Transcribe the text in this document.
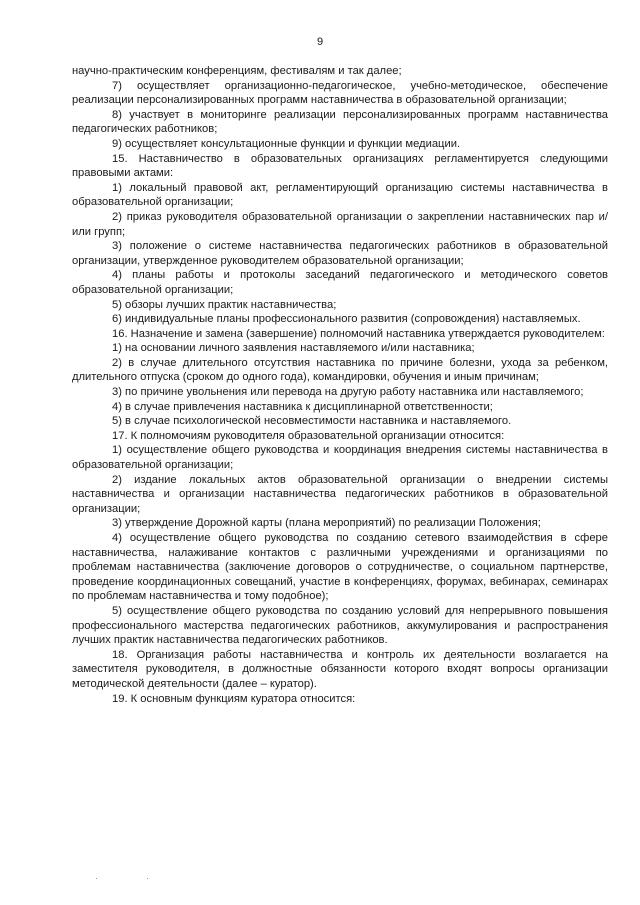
9

научно-практическим конференциям, фестивалям и так далее;

7) осуществляет организационно-педагогическое, учебно-методическое, обеспечение реализации персонализированных программ наставничества в образовательной организации;

8) участвует в мониторинге реализации персонализированных программ наставничества педагогических работников;

9) осуществляет консультационные функции и функции медиации.

15. Наставничество в образовательных организациях регламентируется следующими правовыми актами:

1) локальный правовой акт, регламентирующий организацию системы наставничества в образовательной организации;

2) приказ руководителя образовательной организации о закреплении наставнических пар и/или групп;

3) положение о системе наставничества педагогических работников в образовательной организации, утвержденное руководителем образовательной организации;

4) планы работы и протоколы заседаний педагогического и методического советов образовательной организации;

5) обзоры лучших практик наставничества;

6) индивидуальные планы профессионального развития (сопровождения) наставляемых.

16. Назначение и замена (завершение) полномочий наставника утверждается руководителем:

1) на основании личного заявления наставляемого и/или наставника;

2) в случае длительного отсутствия наставника по причине болезни, ухода за ребенком, длительного отпуска (сроком до одного года), командировки, обучения и иным причинам;

3) по причине увольнения или перевода на другую работу наставника или наставляемого;

4) в случае привлечения наставника к дисциплинарной ответственности;

5) в случае психологической несовместимости наставника и наставляемого.

17. К полномочиям руководителя образовательной организации относится:

1) осуществление общего руководства и координация внедрения системы наставничества в образовательной организации;

2) издание локальных актов образовательной организации о внедрении системы наставничества и организации наставничества педагогических работников в образовательной организации;

3) утверждение Дорожной карты (плана мероприятий) по реализации Положения;

4) осуществление общего руководства по созданию сетевого взаимодействия в сфере наставничества, налаживание контактов с различными учреждениями и организациями по проблемам наставничества (заключение договоров о сотрудничестве, о социальном партнерстве, проведение координационных совещаний, участие в конференциях, форумах, вебинарах, семинарах по проблемам наставничества и тому подобное);

5) осуществление общего руководства по созданию условий для непрерывного повышения профессионального мастерства педагогических работников, аккумулирования и распространения лучших практик наставничества педагогических работников.

18. Организация работы наставничества и контроль их деятельности возлагается на заместителя руководителя, в должностные обязанности которого входят вопросы организации методической деятельности (далее – куратор).

19. К основным функциям куратора относится:
